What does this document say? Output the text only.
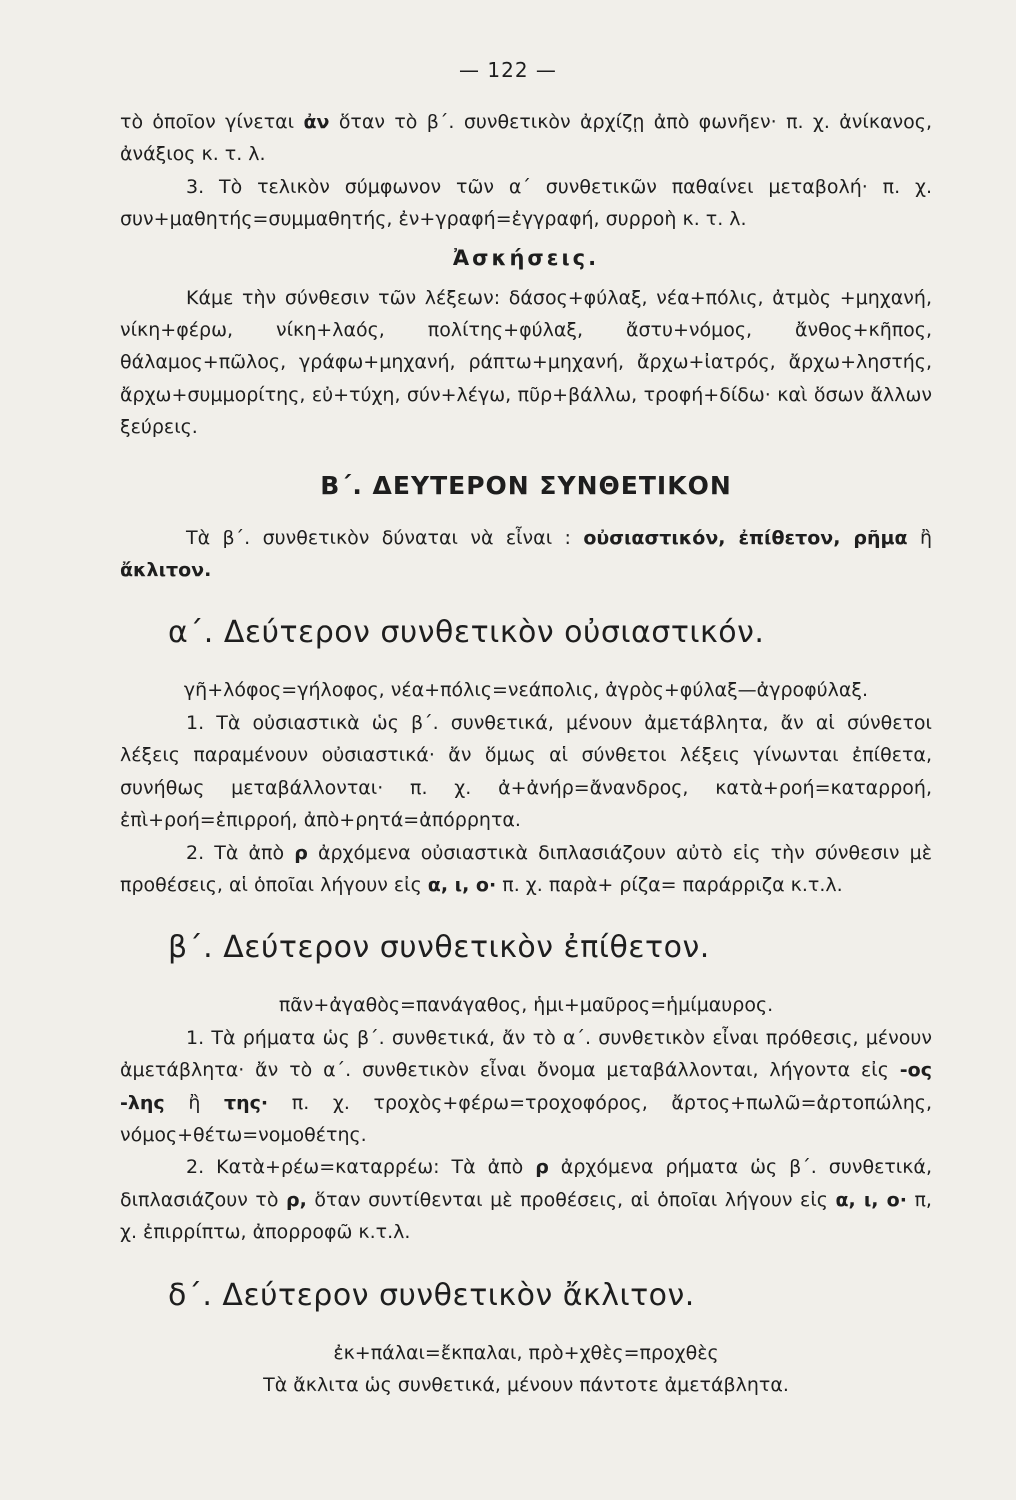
— 122 —

τὸ ὁποῖον γίνεται ἀν ὅταν τὸ β΄. συνθετικὸν ἀρχίζῃ ἀπὸ φωνῆεν· π. χ. ἀνίκανος, ἀνάξιος κ. τ. λ.

3. Τὸ τελικὸν σύμφωνον τῶν α΄ συνθετικῶν παθαίνει μεταβολή· π. χ. συν+μαθητής=συμμαθητής, ἐν+γραφή=ἐγγραφή, συρροὴ κ. τ. λ.

Ἀσκήσεις.

Κάμε τὴν σύνθεσιν τῶν λέξεων: δάσος+φύλαξ, νέα+πόλις, ἀτμὸς +μηχανή, νίκη+φέρω, νίκη+λαός, πολίτης+φύλαξ, ἄστυ+νόμος, ἄνθος+κῆπος, θάλαμος+πῶλος, γράφω+μηχανή, ράπτω+μηχανή, ἄρχω+ἰατρός, ἄρχω+ληστής, ἄρχω+συμμορίτης, εὐ+τύχη, σύν+λέγω, πῦρ+βάλλω, τροφή+δίδω· καὶ ὅσων ἄλλων ξεύρεις.

Β΄. ΔΕΥΤΕΡΟΝ ΣΥΝΘΕΤΙΚΟΝ

Τὰ β΄. συνθετικὸν δύναται νὰ εἶναι : οὐσιαστικόν, ἐπίθετον, ρῆμα ἢ ἄκλιτον.

α΄. Δεύτερον συνθετικὸν οὐσιαστικόν.

γῆ+λόφος=γήλοφος, νέα+πόλις=νεάπολις, ἀγρὸς+φύλαξ—ἀγροφύλαξ.

1. Τὰ οὐσιαστικὰ ὡς β΄. συνθετικά, μένουν ἀμετάβλητα, ἄν αἱ σύνθετοι λέξεις παραμένουν οὐσιαστικά· ἄν ὅμως αἱ σύνθετοι λέξεις γίνωνται ἐπίθετα, συνήθως μεταβάλλονται· π. χ. ἀ+ἀνήρ=ἄνανδρος, κατὰ+ροή=καταρροή, ἐπὶ+ροή=ἐπιρροή, ἀπὸ+ρητά=ἀπόρρητα.

2. Τὰ ἀπὸ ρ ἀρχόμενα οὐσιαστικὰ διπλασιάζουν αὐτὸ εἰς τὴν σύνθεσιν μὲ προθέσεις, αἱ ὁποῖαι λήγουν εἰς α, ι, ο· π. χ. παρὰ+ ρίζα= παράρριζα κ.τ.λ.

β΄. Δεύτερον συνθετικὸν ἐπίθετον.

πᾶν+ἀγαθὸς=πανάγαθος, ἡμι+μαῦρος=ἡμίμαυρος.

1. Τὰ ρήματα ὡς β΄. συνθετικά, ἄν τὸ α΄. συνθετικὸν εἶναι πρόθεσις, μένουν ἀμετάβλητα· ἄν τὸ α΄. συνθετικὸν εἶναι ὄνομα μεταβάλλονται, λήγοντα εἰς -ος -λης ἢ της· π. χ. τροχὸς+φέρω=τροχοφόρος, ἄρτος+πωλῶ=ἀρτοπώλης, νόμος+θέτω=νομοθέτης.

2. Κατὰ+ρέω=καταρρέω: Τὰ ἀπὸ ρ ἀρχόμενα ρήματα ὡς β΄. συνθετικά, διπλασιάζουν τὸ ρ, ὅταν συντίθενται μὲ προθέσεις, αἱ ὁποῖαι λήγουν εἰς α, ι, ο· π, χ. ἐπιρρίπτω, ἀπορροφῶ κ.τ.λ.

δ΄. Δεύτερον συνθετικὸν ἄκλιτον.

ἐκ+πάλαι=ἔκπαλαι, πρὸ+χθὲς=προχθὲς

Τὰ ἄκλιτα ὡς συνθετικά, μένουν πάντοτε ἀμετάβλητα.
